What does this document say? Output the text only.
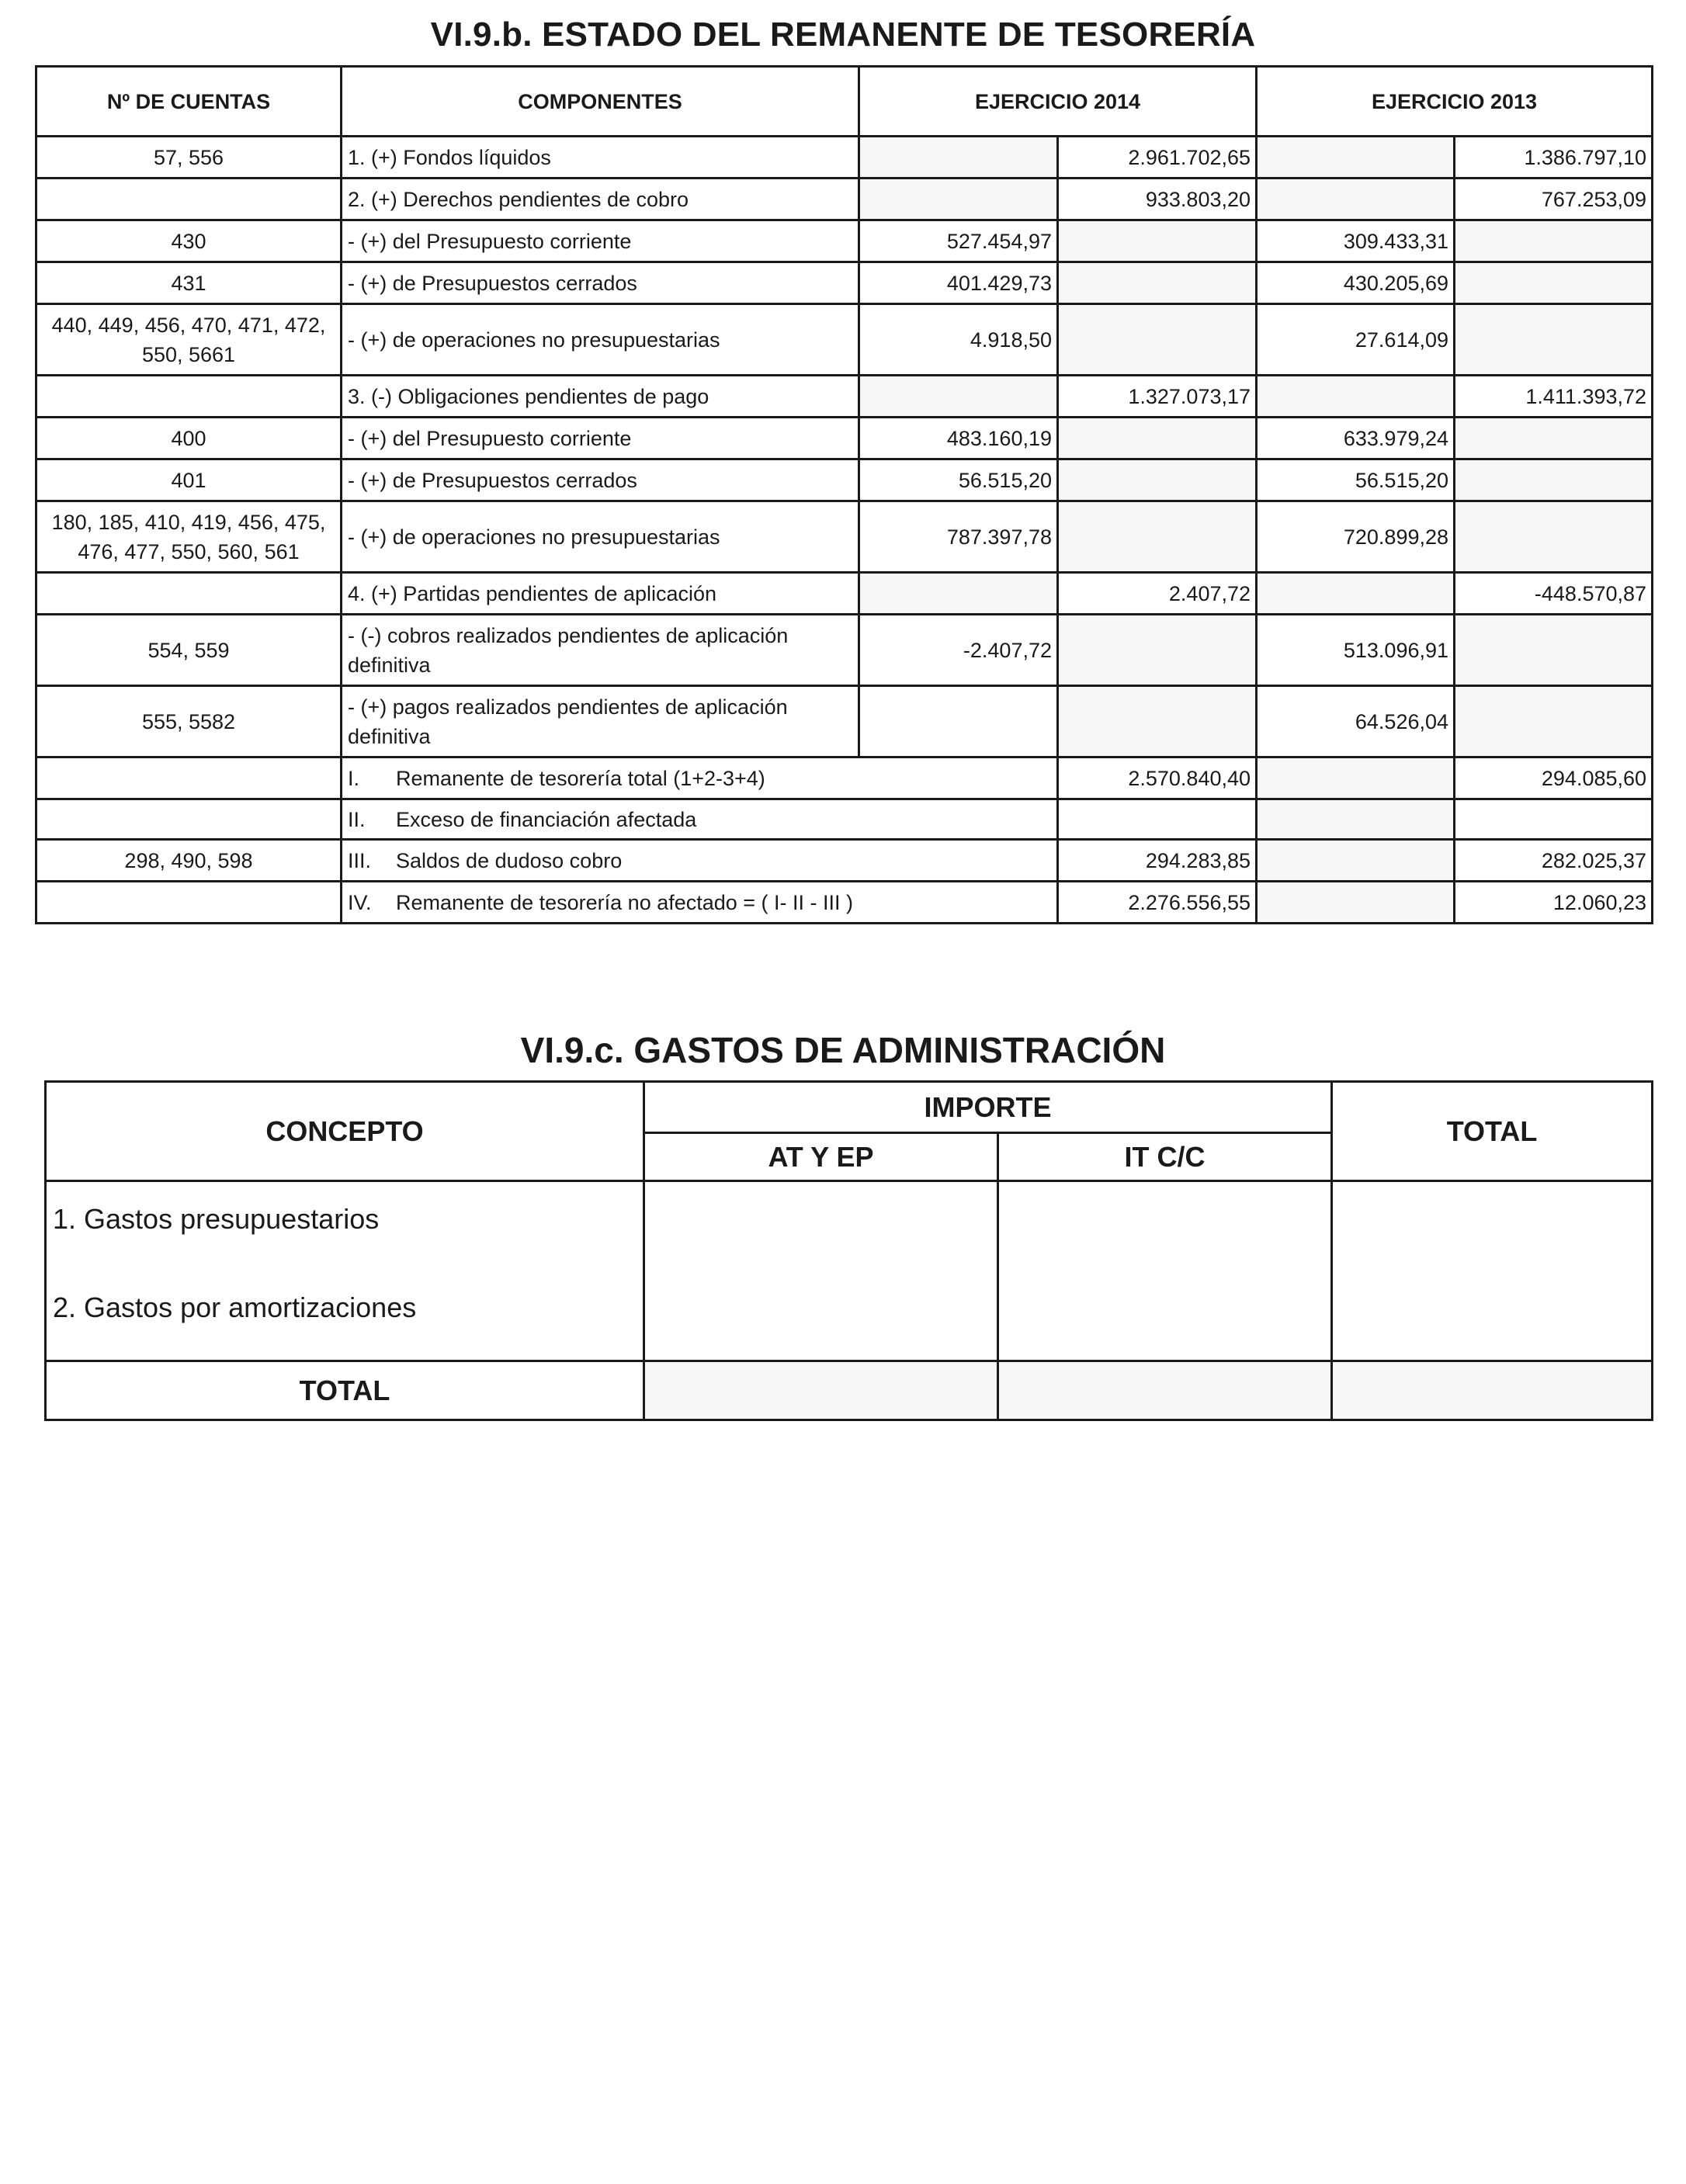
VI.9.b. ESTADO DEL REMANENTE DE TESORERÍA
Nº DE CUENTAS	COMPONENTES	EJERCICIO 2014		EJERCICIO 2013	
57, 556	1. (+) Fondos líquidos		2.961.702,65		1.386.797,10
	2. (+) Derechos pendientes de cobro		933.803,20		767.253,09
430	- (+) del Presupuesto corriente	527.454,97		309.433,31	
431	- (+) de Presupuestos cerrados	401.429,73		430.205,69	
440, 449, 456, 470, 471, 472, 550, 5661	- (+) de operaciones no presupuestarias	4.918,50		27.614,09	
	3. (-) Obligaciones pendientes de pago		1.327.073,17		1.411.393,72
400	- (+) del Presupuesto corriente	483.160,19		633.979,24	
401	- (+) de Presupuestos cerrados	56.515,20		56.515,20	
180, 185, 410, 419, 456, 475, 476, 477, 550, 560, 561	- (+) de operaciones no presupuestarias	787.397,78		720.899,28	
	4. (+) Partidas pendientes de aplicación		2.407,72		-448.570,87
554, 559	- (-) cobros realizados pendientes de aplicación definitiva	-2.407,72		513.096,91	
555, 5582	- (+) pagos realizados pendientes de aplicación definitiva			64.526,04	
	I. Remanente de tesorería total (1+2-3+4)		2.570.840,40		294.085,60
	II. Exceso de financiación afectada				
298, 490, 598	III. Saldos de dudoso cobro		294.283,85		282.025,37
	IV. Remanente de tesorería no afectado = ( I- II - III )		2.276.556,55		12.060,23
VI.9.c. GASTOS DE ADMINISTRACIÓN
CONCEPTO	IMPORTE		TOTAL
	AT Y EP	IT C/C	

1. Gastos presupuestarios
2. Gastos por amortizaciones			

TOTAL			
